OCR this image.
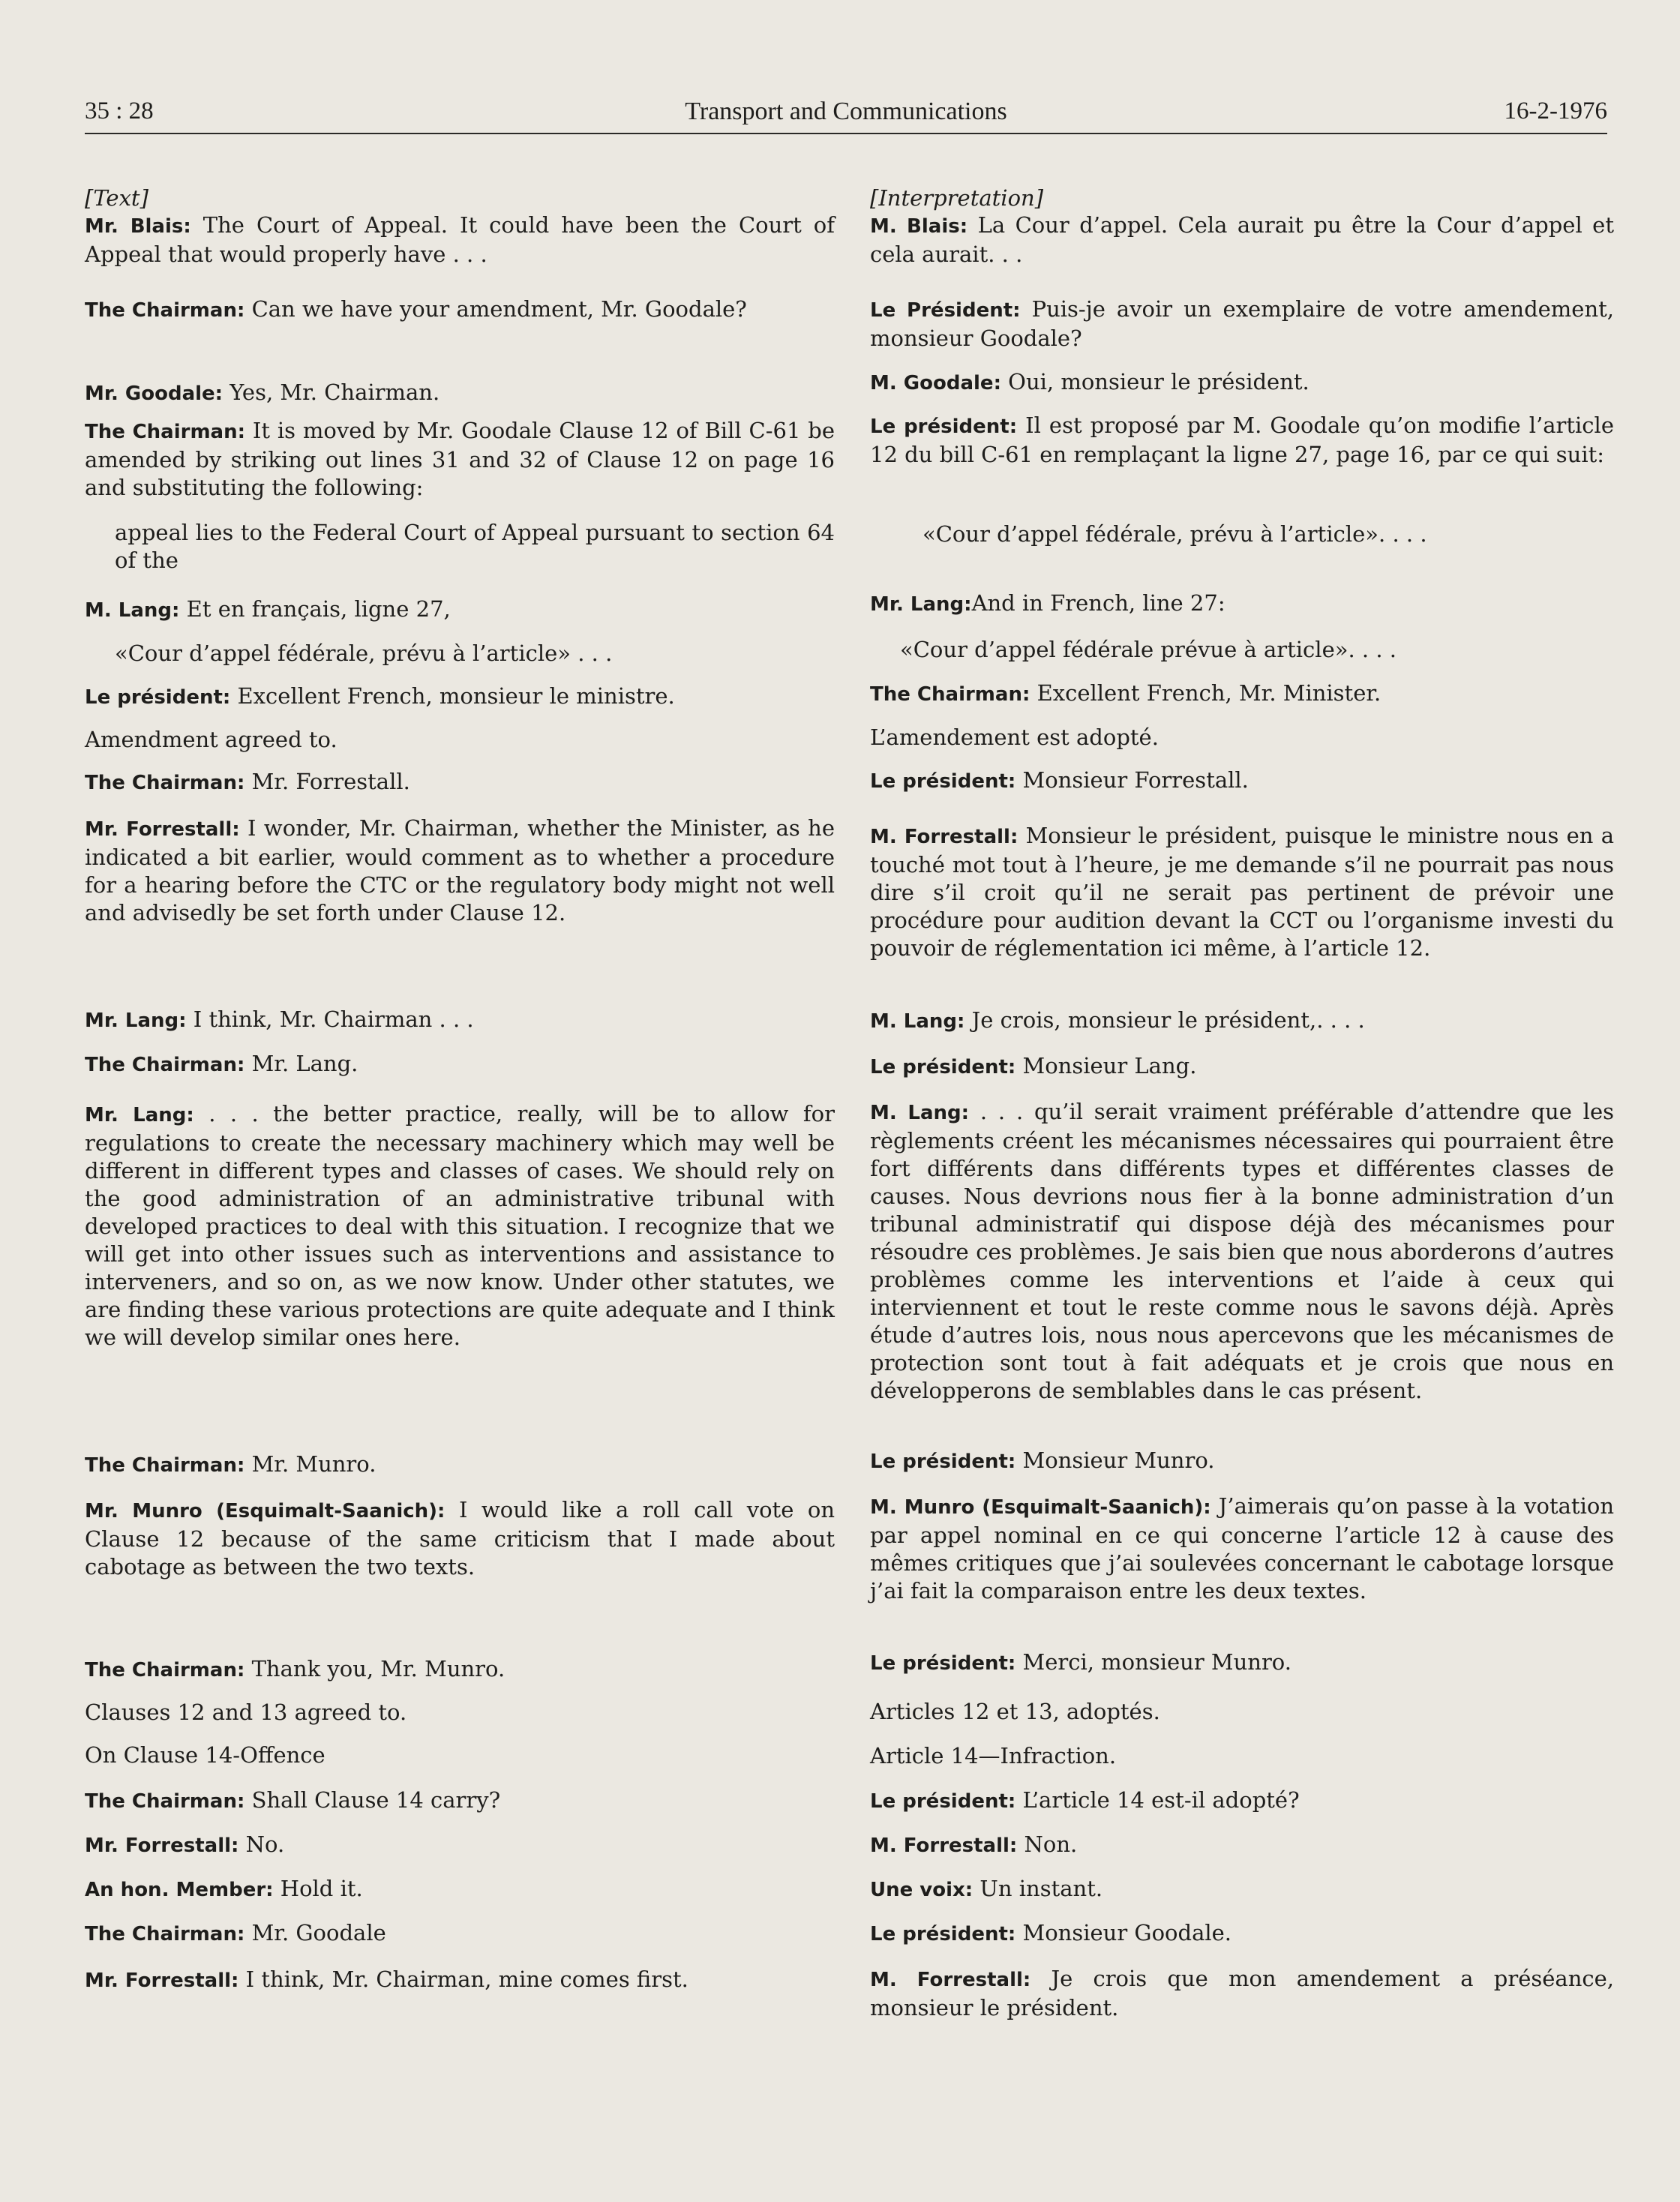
35 : 28	Transport and Communications	16-2-1976

[Text]

Mr. Blais: The Court of Appeal. It could have been the Court of Appeal that would properly have . . .

The Chairman: Can we have your amendment, Mr. Goodale?

Mr. Goodale: Yes, Mr. Chairman.

The Chairman: It is moved by Mr. Goodale Clause 12 of Bill C-61 be amended by striking out lines 31 and 32 of Clause 12 on page 16 and substituting the following:

appeal lies to the Federal Court of Appeal pursuant to section 64 of the

M. Lang: Et en français, ligne 27,

«Cour d’appel fédérale, prévu à l’article» . . .

Le président: Excellent French, monsieur le ministre.

Amendment agreed to.

The Chairman: Mr. Forrestall.

Mr. Forrestall: I wonder, Mr. Chairman, whether the Minister, as he indicated a bit earlier, would comment as to whether a procedure for a hearing before the CTC or the regulatory body might not well and advisedly be set forth under Clause 12.

Mr. Lang: I think, Mr. Chairman . . .

The Chairman: Mr. Lang.

Mr. Lang: . . . the better practice, really, will be to allow for regulations to create the necessary machinery which may well be different in different types and classes of cases. We should rely on the good administration of an administrative tribunal with developed practices to deal with this situation. I recognize that we will get into other issues such as interventions and assistance to interveners, and so on, as we now know. Under other statutes, we are finding these various protections are quite adequate and I think we will develop similar ones here.

The Chairman: Mr. Munro.

Mr. Munro (Esquimalt-Saanich): I would like a roll call vote on Clause 12 because of the same criticism that I made about cabotage as between the two texts.

The Chairman: Thank you, Mr. Munro.

Clauses 12 and 13 agreed to.

On Clause 14-Offence

The Chairman: Shall Clause 14 carry?

Mr. Forrestall: No.

An hon. Member: Hold it.

The Chairman: Mr. Goodale

Mr. Forrestall: I think, Mr. Chairman, mine comes first.

[Interpretation]

M. Blais: La Cour d’appel. Cela aurait pu être la Cour d’appel et cela aurait. . .

Le Président: Puis-je avoir un exemplaire de votre amendement, monsieur Goodale?

M. Goodale: Oui, monsieur le président.

Le président: Il est proposé par M. Goodale qu’on modifie l’article 12 du bill C-61 en remplaçant la ligne 27, page 16, par ce qui suit:

«Cour d’appel fédérale, prévu à l’article». . . .

Mr. Lang:And in French, line 27:

«Cour d’appel fédérale prévue à article». . . .

The Chairman: Excellent French, Mr. Minister.

L’amendement est adopté.

Le président: Monsieur Forrestall.

M. Forrestall: Monsieur le président, puisque le ministre nous en a touché mot tout à l’heure, je me demande s’il ne pourrait pas nous dire s’il croit qu’il ne serait pas pertinent de prévoir une procédure pour audition devant la CCT ou l’organisme investi du pouvoir de réglementation ici même, à l’article 12.

M. Lang: Je crois, monsieur le président,. . . .

Le président: Monsieur Lang.

M. Lang: . . . qu’il serait vraiment préférable d’attendre que les règlements créent les mécanismes nécessaires qui pourraient être fort différents dans différents types et différentes classes de causes. Nous devrions nous fier à la bonne administration d’un tribunal administratif qui dispose déjà des mécanismes pour résoudre ces problèmes. Je sais bien que nous aborderons d’autres problèmes comme les interventions et l’aide à ceux qui interviennent et tout le reste comme nous le savons déjà. Après étude d’autres lois, nous nous apercevons que les mécanismes de protection sont tout à fait adéquats et je crois que nous en développerons de semblables dans le cas présent.

Le président: Monsieur Munro.

M. Munro (Esquimalt-Saanich): J’aimerais qu’on passe à la votation par appel nominal en ce qui concerne l’article 12 à cause des mêmes critiques que j’ai soulevées concernant le cabotage lorsque j’ai fait la comparaison entre les deux textes.

Le président: Merci, monsieur Munro.

Articles 12 et 13, adoptés.

Article 14—Infraction.

Le président: L’article 14 est-il adopté?

M. Forrestall: Non.

Une voix: Un instant.

Le président: Monsieur Goodale.

M. Forrestall: Je crois que mon amendement a préséance, monsieur le président.
